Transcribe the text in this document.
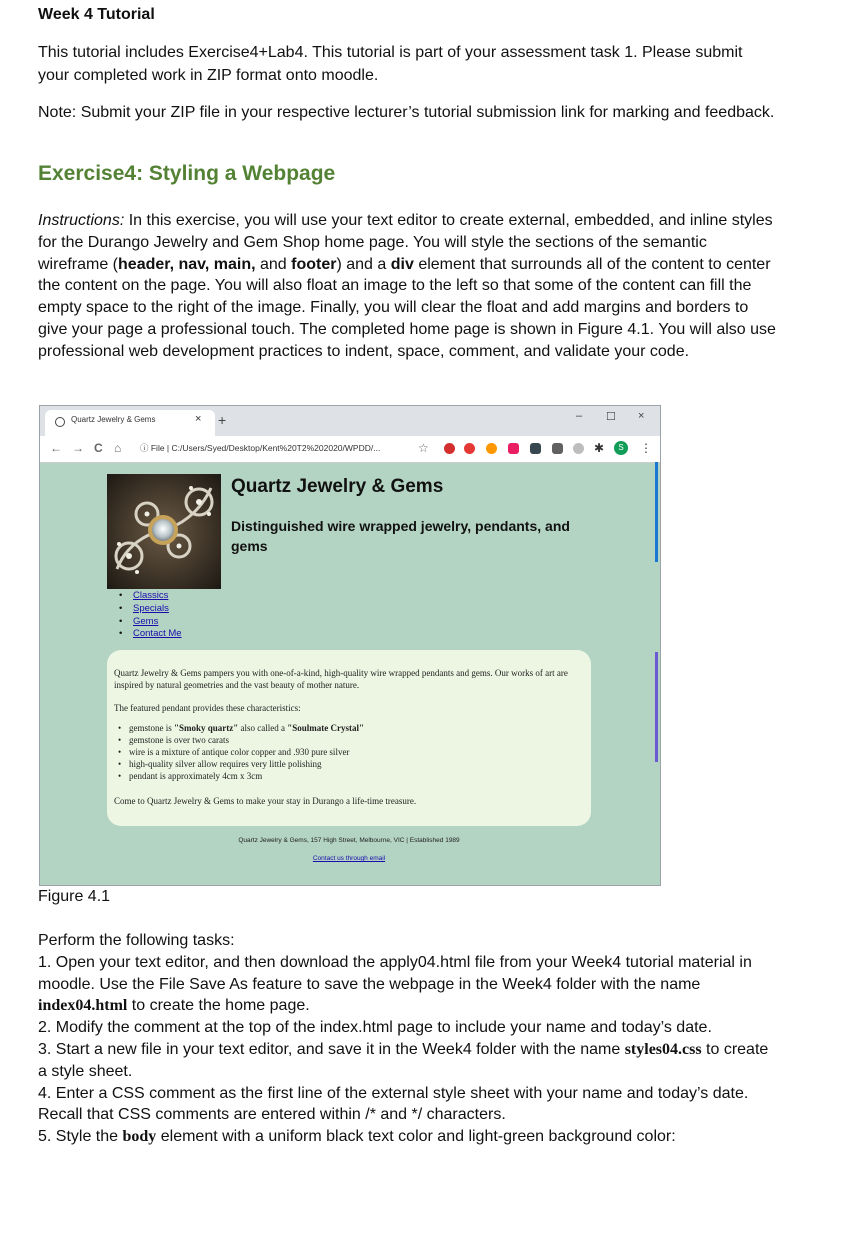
Week 4 Tutorial
This tutorial includes Exercise4+Lab4. This tutorial is part of your assessment task 1. Please submit your completed work in ZIP format onto moodle.
Note: Submit your ZIP file in your respective lecturer’s tutorial submission link for marking and feedback.
Exercise4: Styling a Webpage
Instructions: In this exercise, you will use your text editor to create external, embedded, and inline styles for the Durango Jewelry and Gem Shop home page. You will style the sections of the semantic wireframe (header, nav, main, and footer) and a div element that surrounds all of the content to center the content on the page. You will also float an image to the left so that some of the content can fill the empty space to the right of the image. Finally, you will clear the float and add margins and borders to give your page a professional touch. The completed home page is shown in Figure 4.1. You will also use professional web development practices to indent, space, comment, and validate your code.
Quartz Jewelry & Gems	× +	– ☐ ×
← → C ⌂ ⓘ File | C:/Users/Syed/Desktop/Kent%20T2%202020/WPDD/...	☆	✱	S	⋮
Quartz Jewelry & Gems
Distinguished wire wrapped jewelry, pendants, and gems
• Classics
• Specials
• Gems
• Contact Me
Quartz Jewelry & Gems pampers you with one-of-a-kind, high-quality wire wrapped pendants and gems. Our works of art are inspired by natural geometries and the vast beauty of mother nature.
The featured pendant provides these characteristics:
• gemstone is "Smoky quartz" also called a "Soulmate Crystal"
• gemstone is over two carats
• wire is a mixture of antique color copper and .930 pure silver
• high-quality silver allow requires very little polishing
• pendant is approximately 4cm x 3cm
Come to Quartz Jewelry & Gems to make your stay in Durango a life-time treasure.
Quartz Jewelry & Gems, 157 High Street, Melbourne, VIC | Established 1989
Contact us through email
Figure 4.1
Perform the following tasks:
1. Open your text editor, and then download the apply04.html file from your Week4 tutorial material in moodle. Use the File Save As feature to save the webpage in the Week4 folder with the name index04.html to create the home page.
2. Modify the comment at the top of the index.html page to include your name and today’s date.
3. Start a new file in your text editor, and save it in the Week4 folder with the name styles04.css to create a style sheet.
4. Enter a CSS comment as the first line of the external style sheet with your name and today’s date. Recall that CSS comments are entered within /* and */ characters.
5. Style the body element with a uniform black text color and light-green background color:
